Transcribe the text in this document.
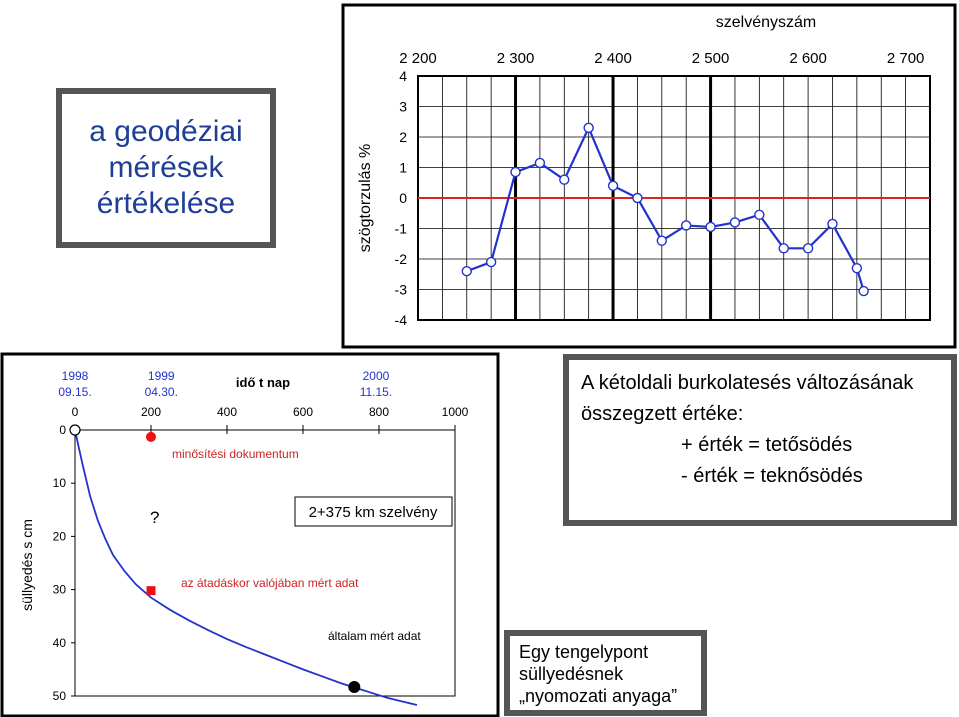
2 200	2 300	2 400	2 500	2 600	2 700
4
3
2
1
0
-1
-2
-3
-4
szelvényszám
szögtorzulás %
0	200	400	600	800	1000
0
10
20
30
40
50
1998
09.15.
1999
04.30.
2000
11.15.
idő t nap
süllyedés s cm
minősítési dokumentum
?
az átadáskor valójában mért adat
általam mért adat
2+375 km szelvény
a geodéziai
mérések
értékelése
A kétoldali burkolatesés változásának
összegzett értéke:
+ érték = tetősödés
- érték = teknősödés
Egy tengelypont
süllyedésnek
„nyomozati anyaga”
